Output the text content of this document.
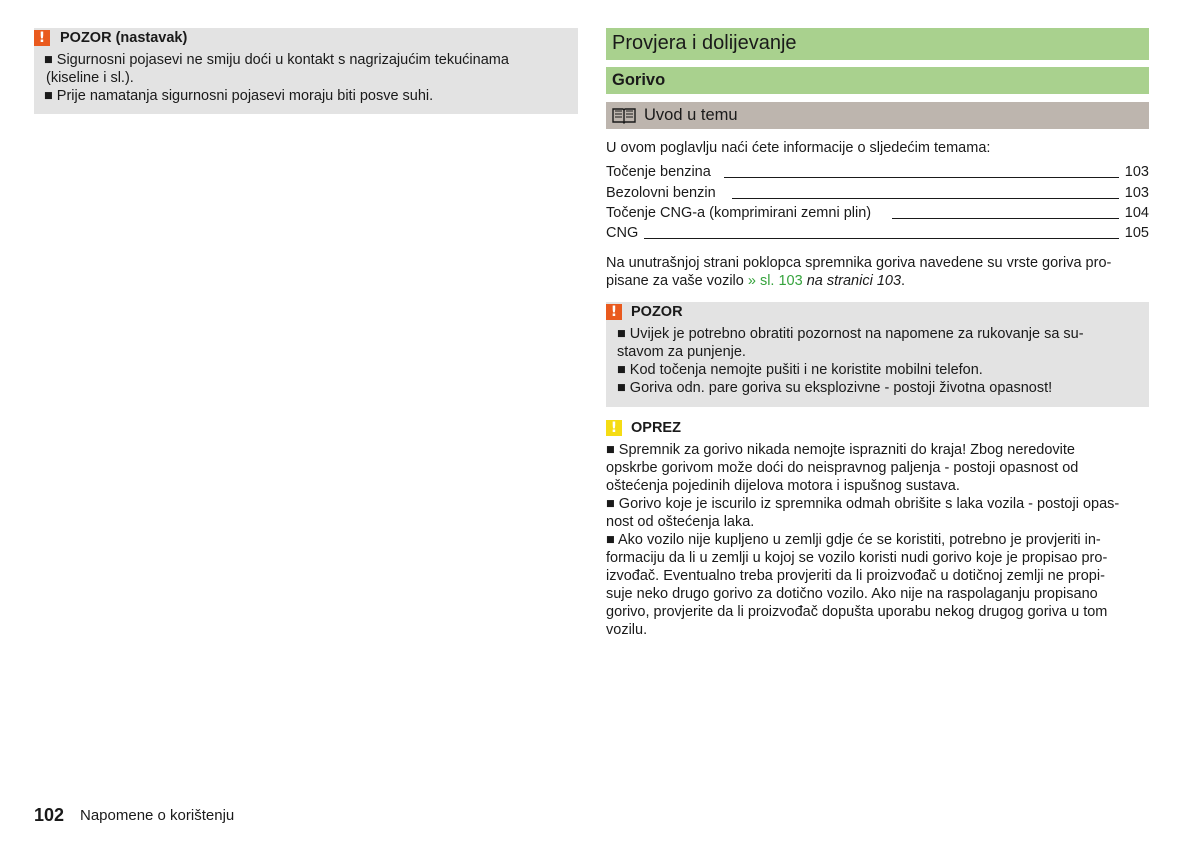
!	POZOR (nastavak)
■ Sigurnosni pojasevi ne smiju doći u kontakt s nagrizajućim tekućinama
(kiseline i sl.).
■ Prije namatanja sigurnosni pojasevi moraju biti posve suhi.
Provjera i dolijevanje
Gorivo
Uvod u temu
U ovom poglavlju naći ćete informacije o sljedećim temama:
Točenje benzina	103
Bezolovni benzin	103
Točenje CNG-a (komprimirani zemni plin)	104
CNG	105
Na unutrašnjoj strani poklopca spremnika goriva navedene su vrste goriva pro-
pisane za vaše vozilo » sl. 103 na stranici 103.
! POZOR
■ Uvijek je potrebno obratiti pozornost na napomene za rukovanje sa su-
stavom za punjenje.
■ Kod točenja nemojte pušiti i ne koristite mobilni telefon.
■ Goriva odn. pare goriva su eksplozivne - postoji životna opasnost!
! OPREZ
■ Spremnik za gorivo nikada nemojte isprazniti do kraja! Zbog neredovite
opskrbe gorivom može doći do neispravnog paljenja - postoji opasnost od
oštećenja pojedinih dijelova motora i ispušnog sustava.
■ Gorivo koje je iscurilo iz spremnika odmah obrišite s laka vozila - postoji opas-
nost od oštećenja laka.
■ Ako vozilo nije kupljeno u zemlji gdje će se koristiti, potrebno je provjeriti in-
formaciju da li u zemlji u kojoj se vozilo koristi nudi gorivo koje je propisao pro-
izvođač. Eventualno treba provjeriti da li proizvođač u dotičnoj zemlji ne propi-
suje neko drugo gorivo za dotično vozilo. Ako nije na raspolaganju propisano
gorivo, provjerite da li proizvođač dopušta uporabu nekog drugog goriva u tom
vozilu.
102 Napomene o korištenju
